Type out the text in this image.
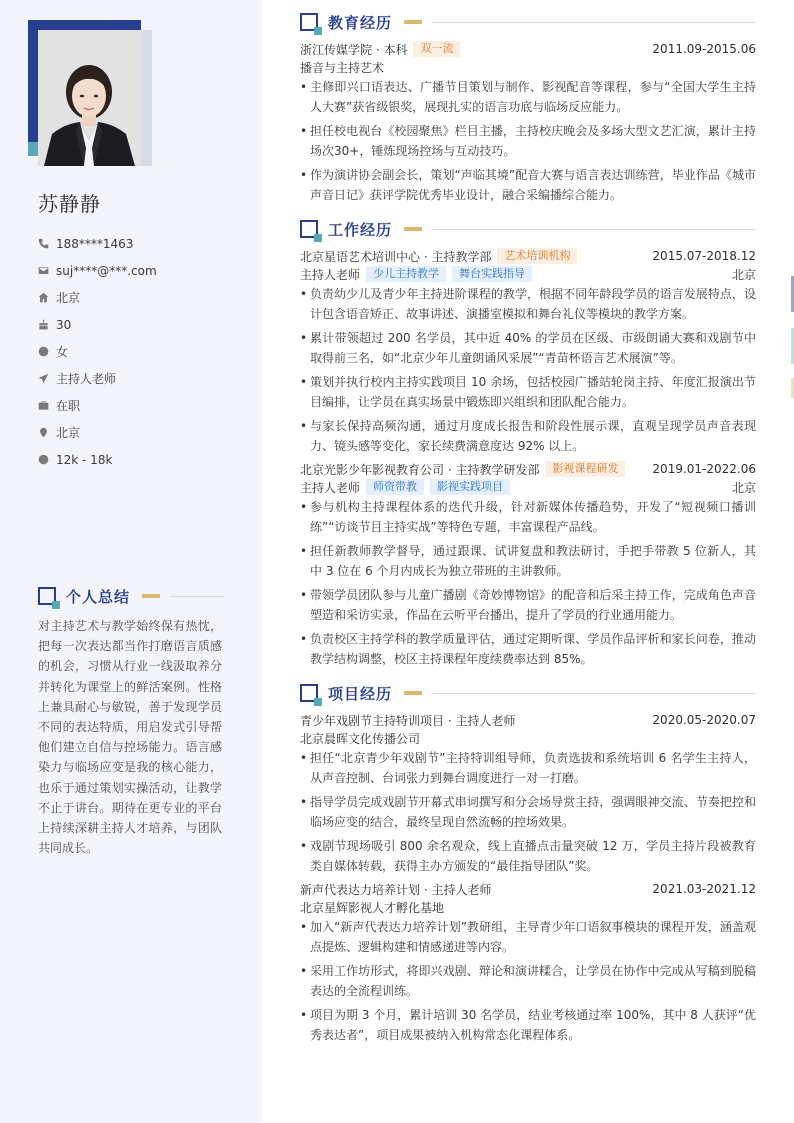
苏静静
188****1463
suj****@***.com
北京
30
女
主持人老师
在职
北京
12k - 18k
个人总结
对主持艺术与教学始终保有热忱，把每一次表达都当作打磨语言质感的机会，习惯从行业一线汲取养分并转化为课堂上的鲜活案例。性格上兼具耐心与敏锐，善于发现学员不同的表达特质，用启发式引导帮他们建立自信与控场能力。语言感染力与临场应变是我的核心能力，也乐于通过策划实操活动，让教学不止于讲台。期待在更专业的平台上持续深耕主持人才培养，与团队共同成长。
教育经历
浙江传媒学院 · 本科	双一流	2011.09-2015.06
播音与主持艺术
• 主修即兴口语表达、广播节目策划与制作、影视配音等课程，参与“全国大学生主持人大赛”获省级银奖，展现扎实的语言功底与临场反应能力。
• 担任校电视台《校园聚焦》栏目主播，主持校庆晚会及多场大型文艺汇演，累计主持场次30+，锤炼现场控场与互动技巧。
• 作为演讲协会副会长，策划“声临其境”配音大赛与语言表达训练营，毕业作品《城市声音日记》获评学院优秀毕业设计，融合采编播综合能力。
工作经历
北京星语艺术培训中心 · 主持教学部	艺术培训机构	2015.07-2018.12
主持人老师	少儿主持教学	舞台实践指导	北京
• 负责幼少儿及青少年主持进阶课程的教学，根据不同年龄段学员的语言发展特点，设计包含语音矫正、故事讲述、演播室模拟和舞台礼仪等模块的教学方案。
• 累计带领超过 200 名学员，其中近 40% 的学员在区级、市级朗诵大赛和戏剧节中取得前三名，如“北京少年儿童朗诵风采展”“青苗杯语言艺术展演”等。
• 策划并执行校内主持实践项目 10 余场，包括校园广播站轮岗主持、年度汇报演出节目编排，让学员在真实场景中锻炼即兴组织和团队配合能力。
• 与家长保持高频沟通，通过月度成长报告和阶段性展示课，直观呈现学员声音表现力、镜头感等变化，家长续费满意度达 92% 以上。
北京光影少年影视教育公司 · 主持教学研发部	影视课程研发	2019.01-2022.06
主持人老师	师资带教	影视实践项目	北京
• 参与机构主持课程体系的迭代升级，针对新媒体传播趋势，开发了“短视频口播训练”“访谈节目主持实战”等特色专题，丰富课程产品线。
• 担任新教师教学督导，通过跟课、试讲复盘和教法研讨，手把手带教 5 位新人，其中 3 位在 6 个月内成长为独立带班的主讲教师。
• 带领学员团队参与儿童广播剧《奇妙博物馆》的配音和后采主持工作，完成角色声音塑造和采访实录，作品在云听平台播出，提升了学员的行业通用能力。
• 负责校区主持学科的教学质量评估，通过定期听课、学员作品评析和家长问卷，推动教学结构调整，校区主持课程年度续费率达到 85%。
项目经历
青少年戏剧节主持特训项目 · 主持人老师	2020.05-2020.07
北京晨晖文化传播公司
• 担任“北京青少年戏剧节”主持特训组导师，负责选拔和系统培训 6 名学生主持人，从声音控制、台词张力到舞台调度进行一对一打磨。
• 指导学员完成戏剧节开幕式串词撰写和分会场导赏主持，强调眼神交流、节奏把控和临场应变的结合，最终呈现自然流畅的控场效果。
• 戏剧节现场吸引 800 余名观众，线上直播点击量突破 12 万，学员主持片段被教育类自媒体转载，获得主办方颁发的“最佳指导团队”奖。
新声代表达力培养计划 · 主持人老师	2021.03-2021.12
北京星辉影视人才孵化基地
• 加入“新声代表达力培养计划”教研组，主导青少年口语叙事模块的课程开发，涵盖观点提炼、逻辑构建和情感递进等内容。
• 采用工作坊形式，将即兴戏剧、辩论和演讲糅合，让学员在协作中完成从写稿到脱稿表达的全流程训练。
• 项目为期 3 个月，累计培训 30 名学员，结业考核通过率 100%，其中 8 人获评“优秀表达者”，项目成果被纳入机构常态化课程体系。
